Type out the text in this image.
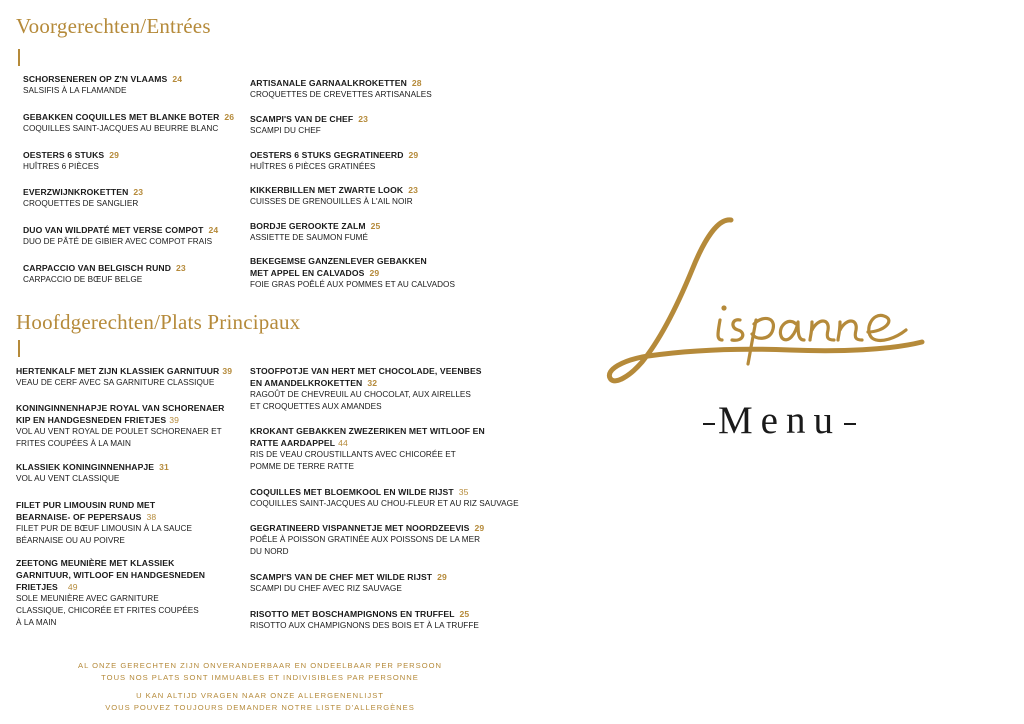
Voorgerechten/Entrées
SCHORSENEREN OP Z'N VLAAMS 24
SALSIFIS À LA FLAMANDE
GEBAKKEN COQUILLES MET BLANKE BOTER 26
COQUILLES SAINT-JACQUES AU BEURRE BLANC
OESTERS 6 STUKS 29
HUÎTRES 6 PIÈCES
EVERZWIJNKROKETTEN 23
CROQUETTES DE SANGLIER
DUO VAN WILDPATÉ MET VERSE COMPOT 24
DUO DE PÂTÉ DE GIBIER AVEC COMPOT FRAIS
CARPACCIO VAN BELGISCH RUND 23
CARPACCIO DE BŒUF BELGE
ARTISANALE GARNAALKROKETTEN 28
CROQUETTES DE CREVETTES ARTISANALES
SCAMPI'S VAN DE CHEF 23
SCAMPI DU CHEF
OESTERS 6 STUKS GEGRATINEERD 29
HUÎTRES 6 PIÈCES GRATINÉES
KIKKERBILLEN MET ZWARTE LOOK 23
CUISSES DE GRENOUILLES À L'AIL NOIR
BORDJE GEROOKTE ZALM 25
ASSIETTE DE SAUMON FUMÉ
BEKEGEMSE GANZENLEVER GEBAKKEN MET APPEL EN CALVADOS 29
FOIE GRAS POÊLÉ AUX POMMES ET AU CALVADOS
Hoofdgerechten/Plats Principaux
HERTENKALF MET ZIJN KLASSIEK GARNITUUR 39
VEAU DE CERF AVEC SA GARNITURE CLASSIQUE
KONINGINNENHAPJE ROYAL VAN SCHORENAER KIP EN HANDGESNEDEN FRIETJES 39
VOL AU VENT ROYAL DE POULET SCHORENAER ET FRITES COUPÉES À LA MAIN
KLASSIEK KONINGINNENHAPJE 31
VOL AU VENT CLASSIQUE
FILET PUR LIMOUSIN RUND MET BEARNAISE- OF PEPERSAUS 38
FILET PUR DE BŒUF LIMOUSIN À LA SAUCE BÉARNAISE OU AU POIVRE
ZEETONG MEUNIÈRE MET KLASSIEK GARNITUUR, WITLOOF EN HANDGESNEDEN FRIETJES 49
SOLE MEUNIÈRE AVEC GARNITURE CLASSIQUE, CHICORÉE ET FRITES COUPÉES À LA MAIN
STOOFPOTJE VAN HERT MET CHOCOLADE, VEENBES EN AMANDELKROKETTEN 32
RAGOÛT DE CHEVREUIL AU CHOCOLAT, AUX AIRELLES ET CROQUETTES AUX AMANDES
KROKANT GEBAKKEN ZWEZERIKEN MET WITLOOF EN RATTE AARDAPPEL 44
RIS DE VEAU CROUSTILLANTS AVEC CHICORÉE ET POMME DE TERRE RATTE
COQUILLES MET BLOEMKOOL EN WILDE RIJST 35
COQUILLES SAINT-JACQUES AU CHOU-FLEUR ET AU RIZ SAUVAGE
GEGRATINEERD VISPANNETJE MET NOORDZEEVIS 29
POÊLE À POISSON GRATINÉE AUX POISSONS DE LA MER DU NORD
SCAMPI'S VAN DE CHEF MET WILDE RIJST 29
SCAMPI DU CHEF AVEC RIZ SAUVAGE
RISOTTO MET BOSCHAMPIGNONS EN TRUFFEL 25
RISOTTO AUX CHAMPIGNONS DES BOIS ET À LA TRUFFE
AL ONZE GERECHTEN ZIJN ONVERANDERBAAR EN ONDEELBAAR PER PERSOON
TOUS NOS PLATS SONT IMMUABLES ET INDIVISIBLES PAR PERSONNE
U KAN ALTIJD VRAGEN NAAR ONZE ALLERGENENLIJST
VOUS POUVEZ TOUJOURS DEMANDER NOTRE LISTE D'ALLERGÈNES
Menu
